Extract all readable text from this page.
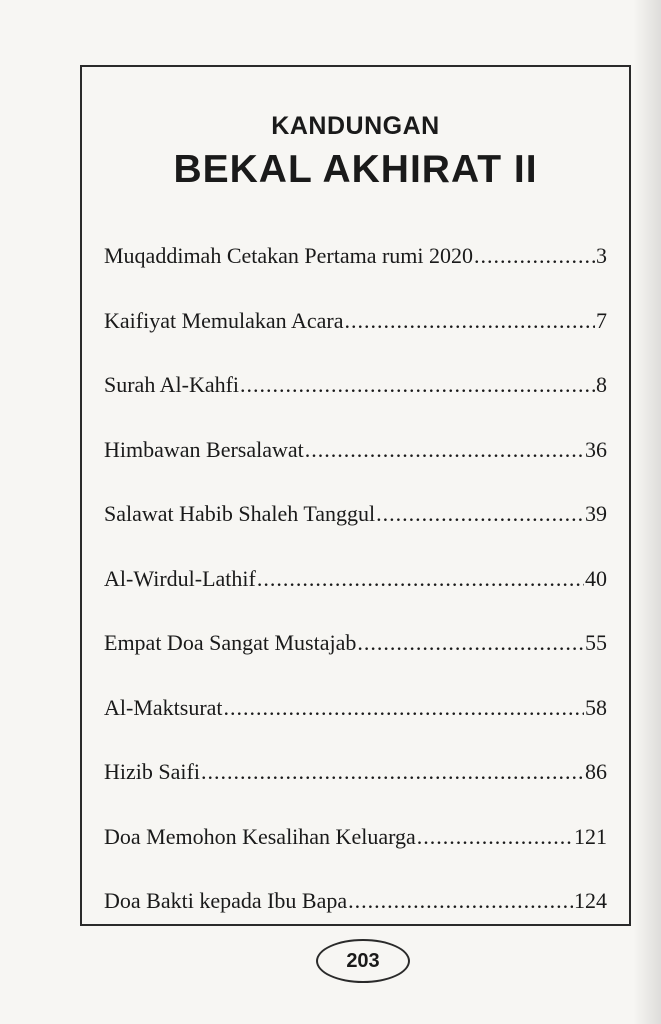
KANDUNGAN
BEKAL AKHIRAT II
Muqaddimah Cetakan Pertama rumi 2020 .....	3
Kaifiyat Memulakan Acara .....	7
Surah Al-Kahfi .....	8
Himbawan Bersalawat .....	36
Salawat Habib Shaleh Tanggul .....	39
Al-Wirdul-Lathif .....	40
Empat Doa Sangat Mustajab .....	55
Al-Maktsurat .....	58
Hizib Saifi .....	86
Doa Memohon Kesalihan Keluarga .....	121
Doa Bakti kepada Ibu Bapa .....	124
203
